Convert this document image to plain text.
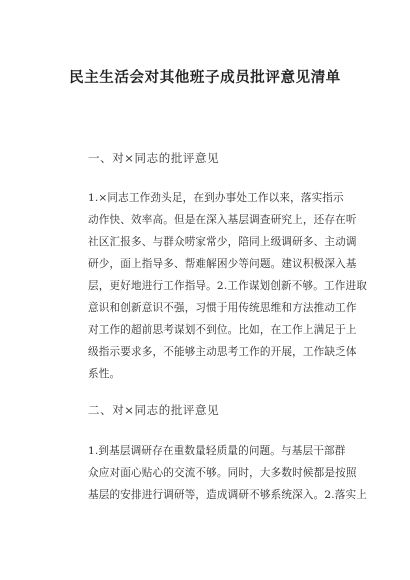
民主生活会对其他班子成员批评意见清单

一、对×同志的批评意见

1.×同志工作劲头足，在到办事处工作以来，落实指示
动作快、效率高。但是在深入基层调查研究上，还存在听
社区汇报多、与群众唠家常少，陪同上级调研多、主动调
研少，面上指导多、帮难解困少等问题。建议积极深入基
层，更好地进行工作指导。2.工作谋划创新不够。工作进取
意识和创新意识不强，习惯于用传统思维和方法推动工作
对工作的超前思考谋划不到位。比如，在工作上满足于上
级指示要求多，不能够主动思考工作的开展，工作缺乏体
系性。

二、对×同志的批评意见

1.到基层调研存在重数量轻质量的问题。与基层干部群
众应对面心贴心的交流不够。同时，大多数时候都是按照
基层的安排进行调研等，造成调研不够系统深入。2.落实上
